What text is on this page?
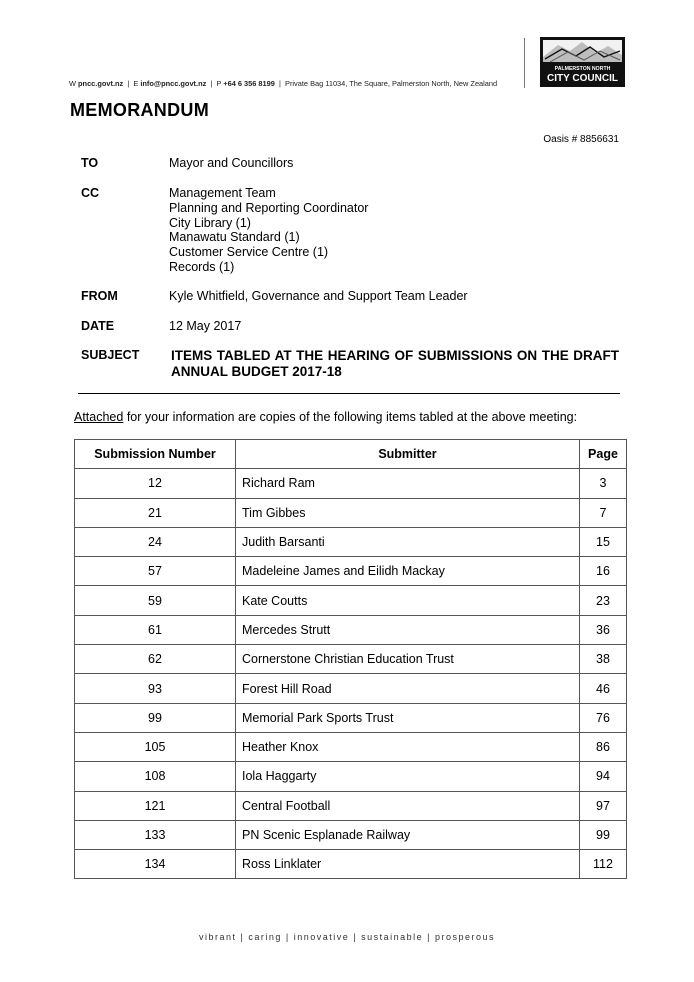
W pncc.govt.nz  |  E info@pncc.govt.nz  |  P +64 6 356 8199  |  Private Bag 11034, The Square, Palmerston North, New Zealand
PALMERSTON NORTH
CITY COUNCIL
MEMORANDUM
Oasis # 8856631
TO	Mayor and Councillors
CC	Management Team
Planning and Reporting Coordinator
City Library (1)
Manawatu Standard (1)
Customer Service Centre (1)
Records (1)
FROM	Kyle Whitfield, Governance and Support Team Leader
DATE	12 May 2017
SUBJECT ITEMS TABLED AT THE HEARING OF SUBMISSIONS ON THE DRAFT ANNUAL BUDGET 2017-18
Attached for your information are copies of the following items tabled at the above meeting:
Submission Number	Submitter	Page
12	Richard Ram	3
21	Tim Gibbes	7
24	Judith Barsanti	15
57	Madeleine James and Eilidh Mackay	16
59	Kate Coutts	23
61	Mercedes Strutt	36
62	Cornerstone Christian Education Trust	38
93	Forest Hill Road	46
99	Memorial Park Sports Trust	76
105	Heather Knox	86
108	Iola Haggarty	94
121	Central Football	97
133	PN Scenic Esplanade Railway	99
134	Ross Linklater	112
vibrant | caring | innovative | sustainable | prosperous
